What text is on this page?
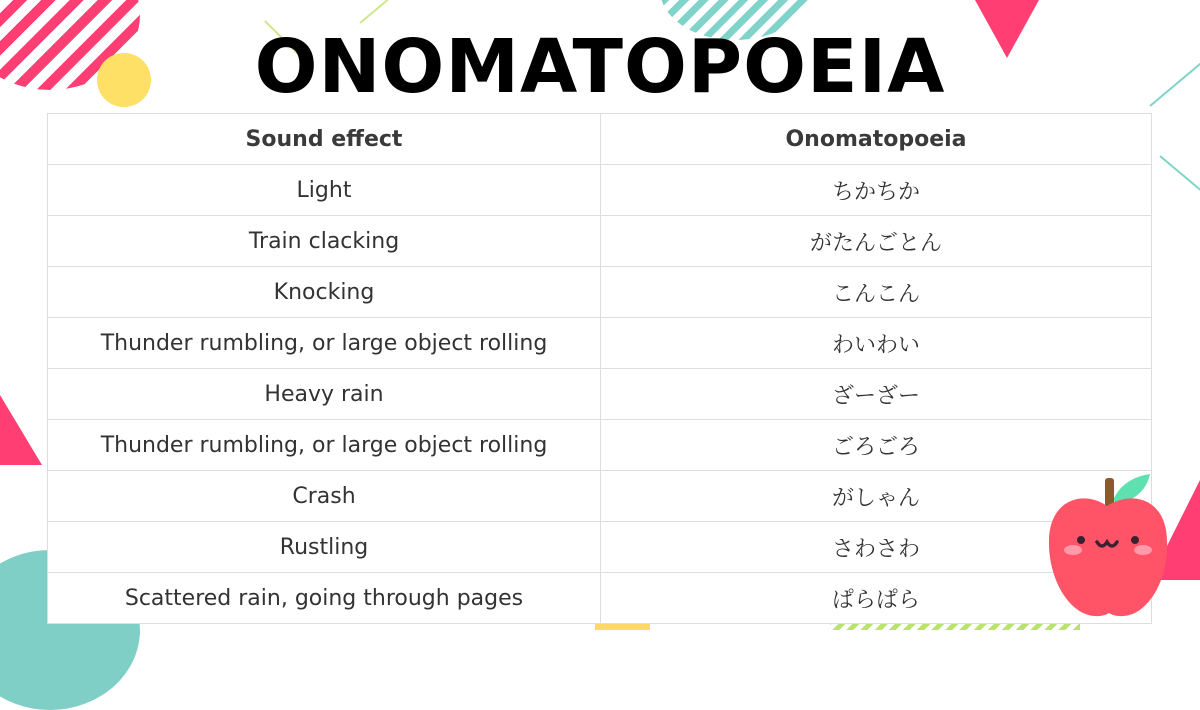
ONOMATOPOEIA
Sound effect	Onomatopoeia
Light	ちかちか
Train clacking	がたんごとん
Knocking	こんこん
Thunder rumbling, or large object rolling	わいわい
Heavy rain	ざーざー
Thunder rumbling, or large object rolling	ごろごろ
Crash	がしゃん
Rustling	さわさわ
Scattered rain, going through pages	ぱらぱら
